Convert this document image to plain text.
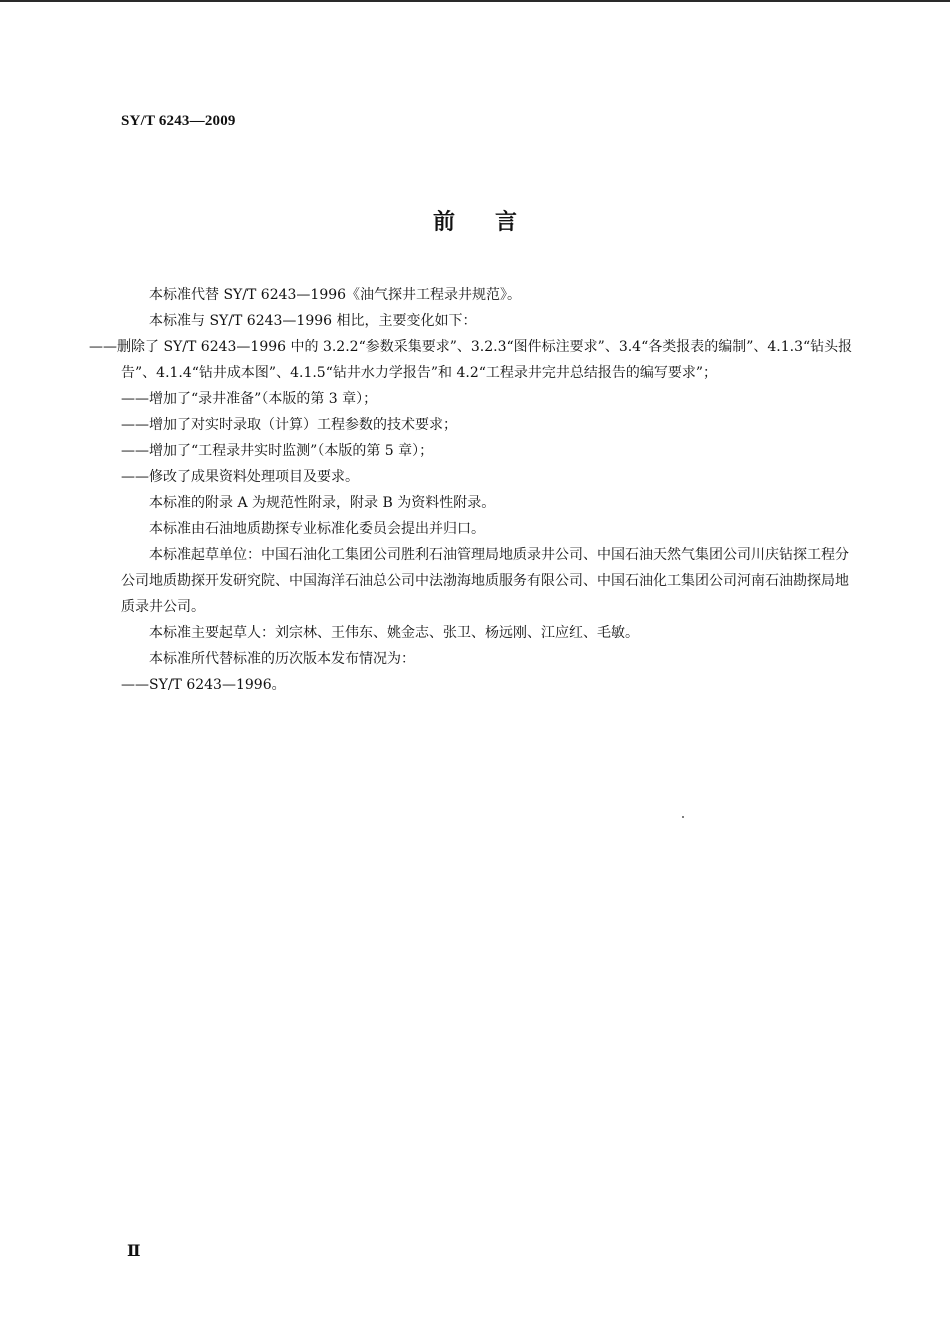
SY/T 6243—2009
前言

本标准代替 SY/T 6243—1996《油气探井工程录井规范》。

本标准与 SY/T 6243—1996 相比，主要变化如下：

——删除了 SY/T 6243—1996 中的 3.2.2“参数采集要求”、3.2.3“图件标注要求”、3.4“各类报表的编制”、4.1.3“钻头报告”、4.1.4“钻井成本图”、4.1.5“钻井水力学报告”和 4.2“工程录井完井总结报告的编写要求”；

——增加了“录井准备”（本版的第 3 章）；

——增加了对实时录取（计算）工程参数的技术要求；

——增加了“工程录井实时监测”（本版的第 5 章）；

——修改了成果资料处理项目及要求。

本标准的附录 A 为规范性附录，附录 B 为资料性附录。

本标准由石油地质勘探专业标准化委员会提出并归口。

本标准起草单位：中国石油化工集团公司胜利石油管理局地质录井公司、中国石油天然气集团公司川庆钻探工程分公司地质勘探开发研究院、中国海洋石油总公司中法渤海地质服务有限公司、中国石油化工集团公司河南石油勘探局地质录井公司。

本标准主要起草人：刘宗林、王伟东、姚金志、张卫、杨远刚、江应红、毛敏。

本标准所代替标准的历次版本发布情况为：

——SY/T 6243—1996。

Ⅱ
